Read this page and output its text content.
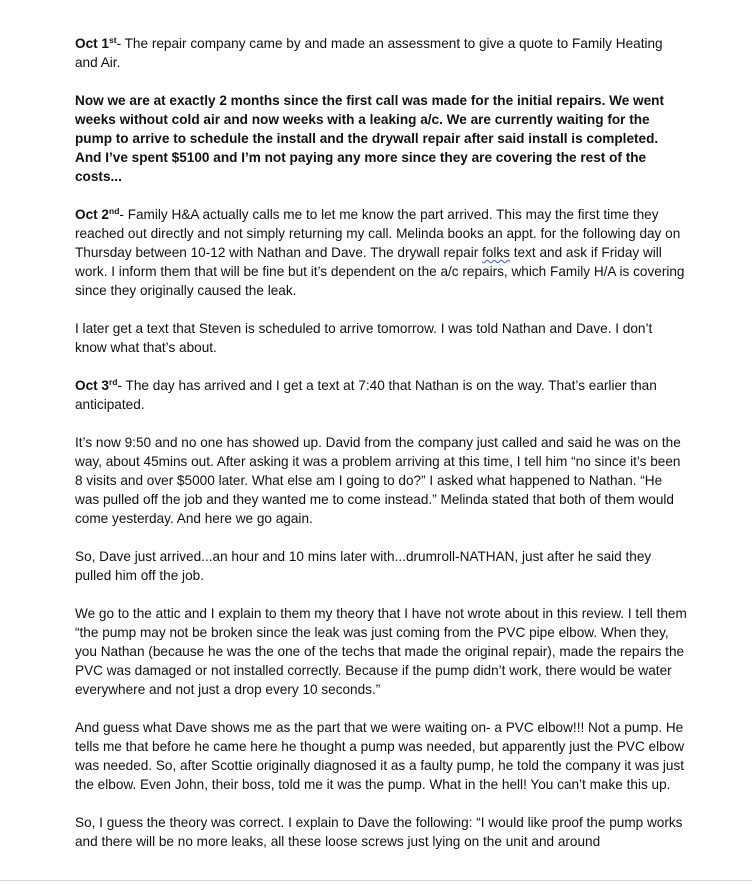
Oct 1st- The repair company came by and made an assessment to give a quote to Family Heating and Air.

Now we are at exactly 2 months since the first call was made for the initial repairs. We went weeks without cold air and now weeks with a leaking a/c. We are currently waiting for the pump to arrive to schedule the install and the drywall repair after said install is completed. And I’ve spent $5100 and I’m not paying any more since they are covering the rest of the costs...

Oct 2nd- Family H&A actually calls me to let me know the part arrived. This may the first time they reached out directly and not simply returning my call. Melinda books an appt. for the following day on Thursday between 10-12 with Nathan and Dave. The drywall repair folks text and ask if Friday will work. I inform them that will be fine but it’s dependent on the a/c repairs, which Family H/A is covering since they originally caused the leak.

I later get a text that Steven is scheduled to arrive tomorrow. I was told Nathan and Dave. I don’t know what that’s about.

Oct 3rd- The day has arrived and I get a text at 7:40 that Nathan is on the way. That’s earlier than anticipated.

It’s now 9:50 and no one has showed up. David from the company just called and said he was on the way, about 45mins out. After asking it was a problem arriving at this time, I tell him “no since it’s been 8 visits and over $5000 later. What else am I going to do?” I asked what happened to Nathan. “He was pulled off the job and they wanted me to come instead.” Melinda stated that both of them would come yesterday. And here we go again.

So, Dave just arrived...an hour and 10 mins later with...drumroll-NATHAN, just after he said they pulled him off the job.

We go to the attic and I explain to them my theory that I have not wrote about in this review. I tell them “the pump may not be broken since the leak was just coming from the PVC pipe elbow. When they, you Nathan (because he was the one of the techs that made the original repair), made the repairs the PVC was damaged or not installed correctly. Because if the pump didn’t work, there would be water everywhere and not just a drop every 10 seconds.”

And guess what Dave shows me as the part that we were waiting on- a PVC elbow!!! Not a pump. He tells me that before he came here he thought a pump was needed, but apparently just the PVC elbow was needed. So, after Scottie originally diagnosed it as a faulty pump, he told the company it was just the elbow. Even John, their boss, told me it was the pump. What in the hell! You can’t make this up.

So, I guess the theory was correct. I explain to Dave the following: “I would like proof the pump works and there will be no more leaks, all these loose screws just lying on the unit and around
